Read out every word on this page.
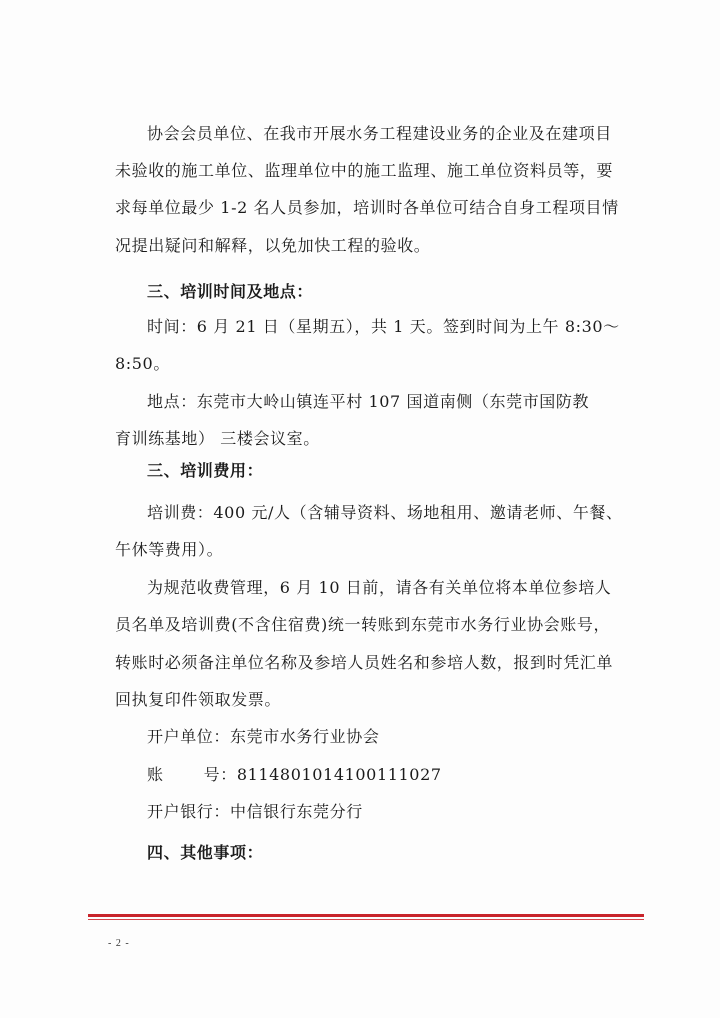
协会会员单位、在我市开展水务工程建设业务的企业及在建项目
未验收的施工单位、监理单位中的施工监理、施工单位资料员等，要
求每单位最少 1-2 名人员参加，培训时各单位可结合自身工程项目情
况提出疑问和解释，以免加快工程的验收。
三、培训时间及地点：
时间：6 月 21 日（星期五），共 1 天。签到时间为上午 8:30～
8:50。
地点：东莞市大岭山镇连平村 107 国道南侧（东莞市国防教
育训练基地） 三楼会议室。
三、培训费用：
培训费：400 元/人（含辅导资料、场地租用、邀请老师、午餐、
午休等费用）。
为规范收费管理，6 月 10 日前，请各有关单位将本单位参培人
员名单及培训费(不含住宿费)统一转账到东莞市水务行业协会账号，
转账时必须备注单位名称及参培人员姓名和参培人数，报到时凭汇单
回执复印件领取发票。
开户单位：东莞市水务行业协会
账	号：8114801014100111027
开户银行：中信银行东莞分行
四、其他事项：
- 2 -
